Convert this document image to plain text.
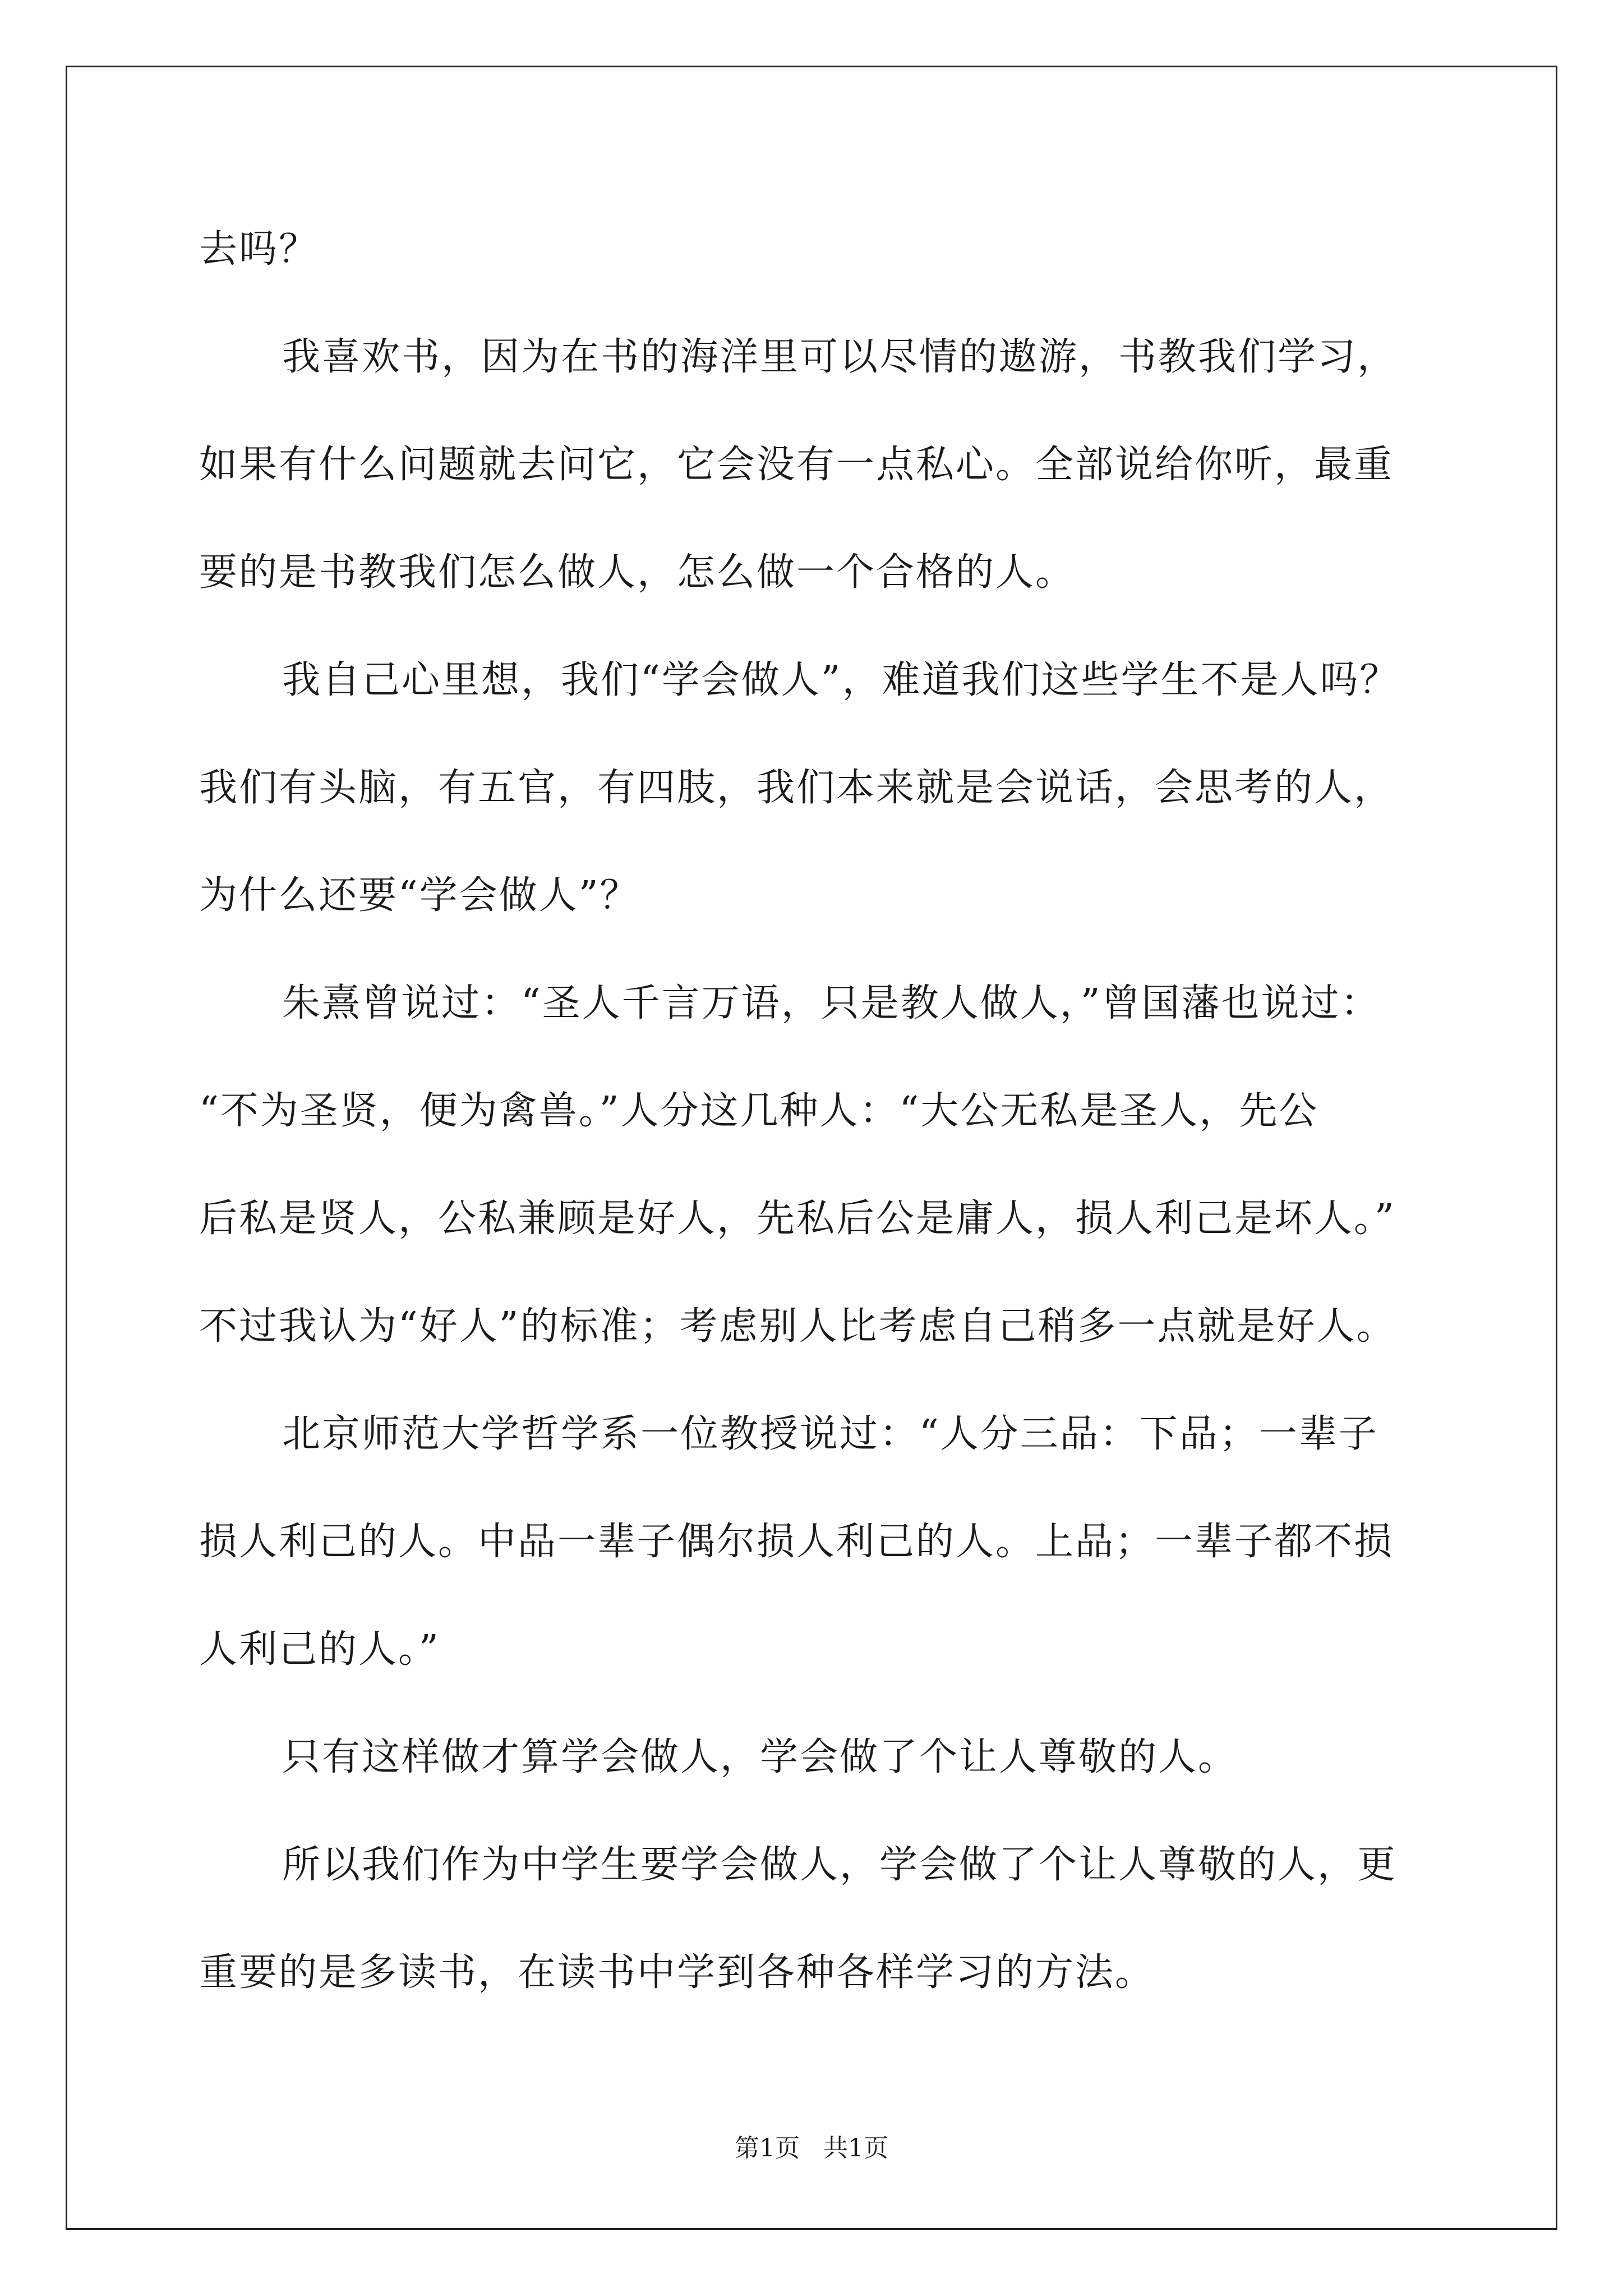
去吗？
我喜欢书，因为在书的海洋里可以尽情的遨游，书教我们学习，
如果有什么问题就去问它，它会没有一点私心。全部说给你听，最重
要的是书教我们怎么做人，怎么做一个合格的人。
我自己心里想，我们“学会做人”，难道我们这些学生不是人吗？
我们有头脑，有五官，有四肢，我们本来就是会说话，会思考的人，
为什么还要“学会做人”？
朱熹曾说过：“圣人千言万语，只是教人做人，”曾国藩也说过：
“不为圣贤，便为禽兽。”人分这几种人：“大公无私是圣人，先公
后私是贤人，公私兼顾是好人，先私后公是庸人，损人利己是坏人。”
不过我认为“好人”的标准；考虑别人比考虑自己稍多一点就是好人。
北京师范大学哲学系一位教授说过：“人分三品：下品；一辈子
损人利己的人。中品一辈子偶尔损人利己的人。上品；一辈子都不损
人利己的人。”
只有这样做才算学会做人，学会做了个让人尊敬的人。
所以我们作为中学生要学会做人，学会做了个让人尊敬的人，更
重要的是多读书，在读书中学到各种各样学习的方法。
第1页   共1页
